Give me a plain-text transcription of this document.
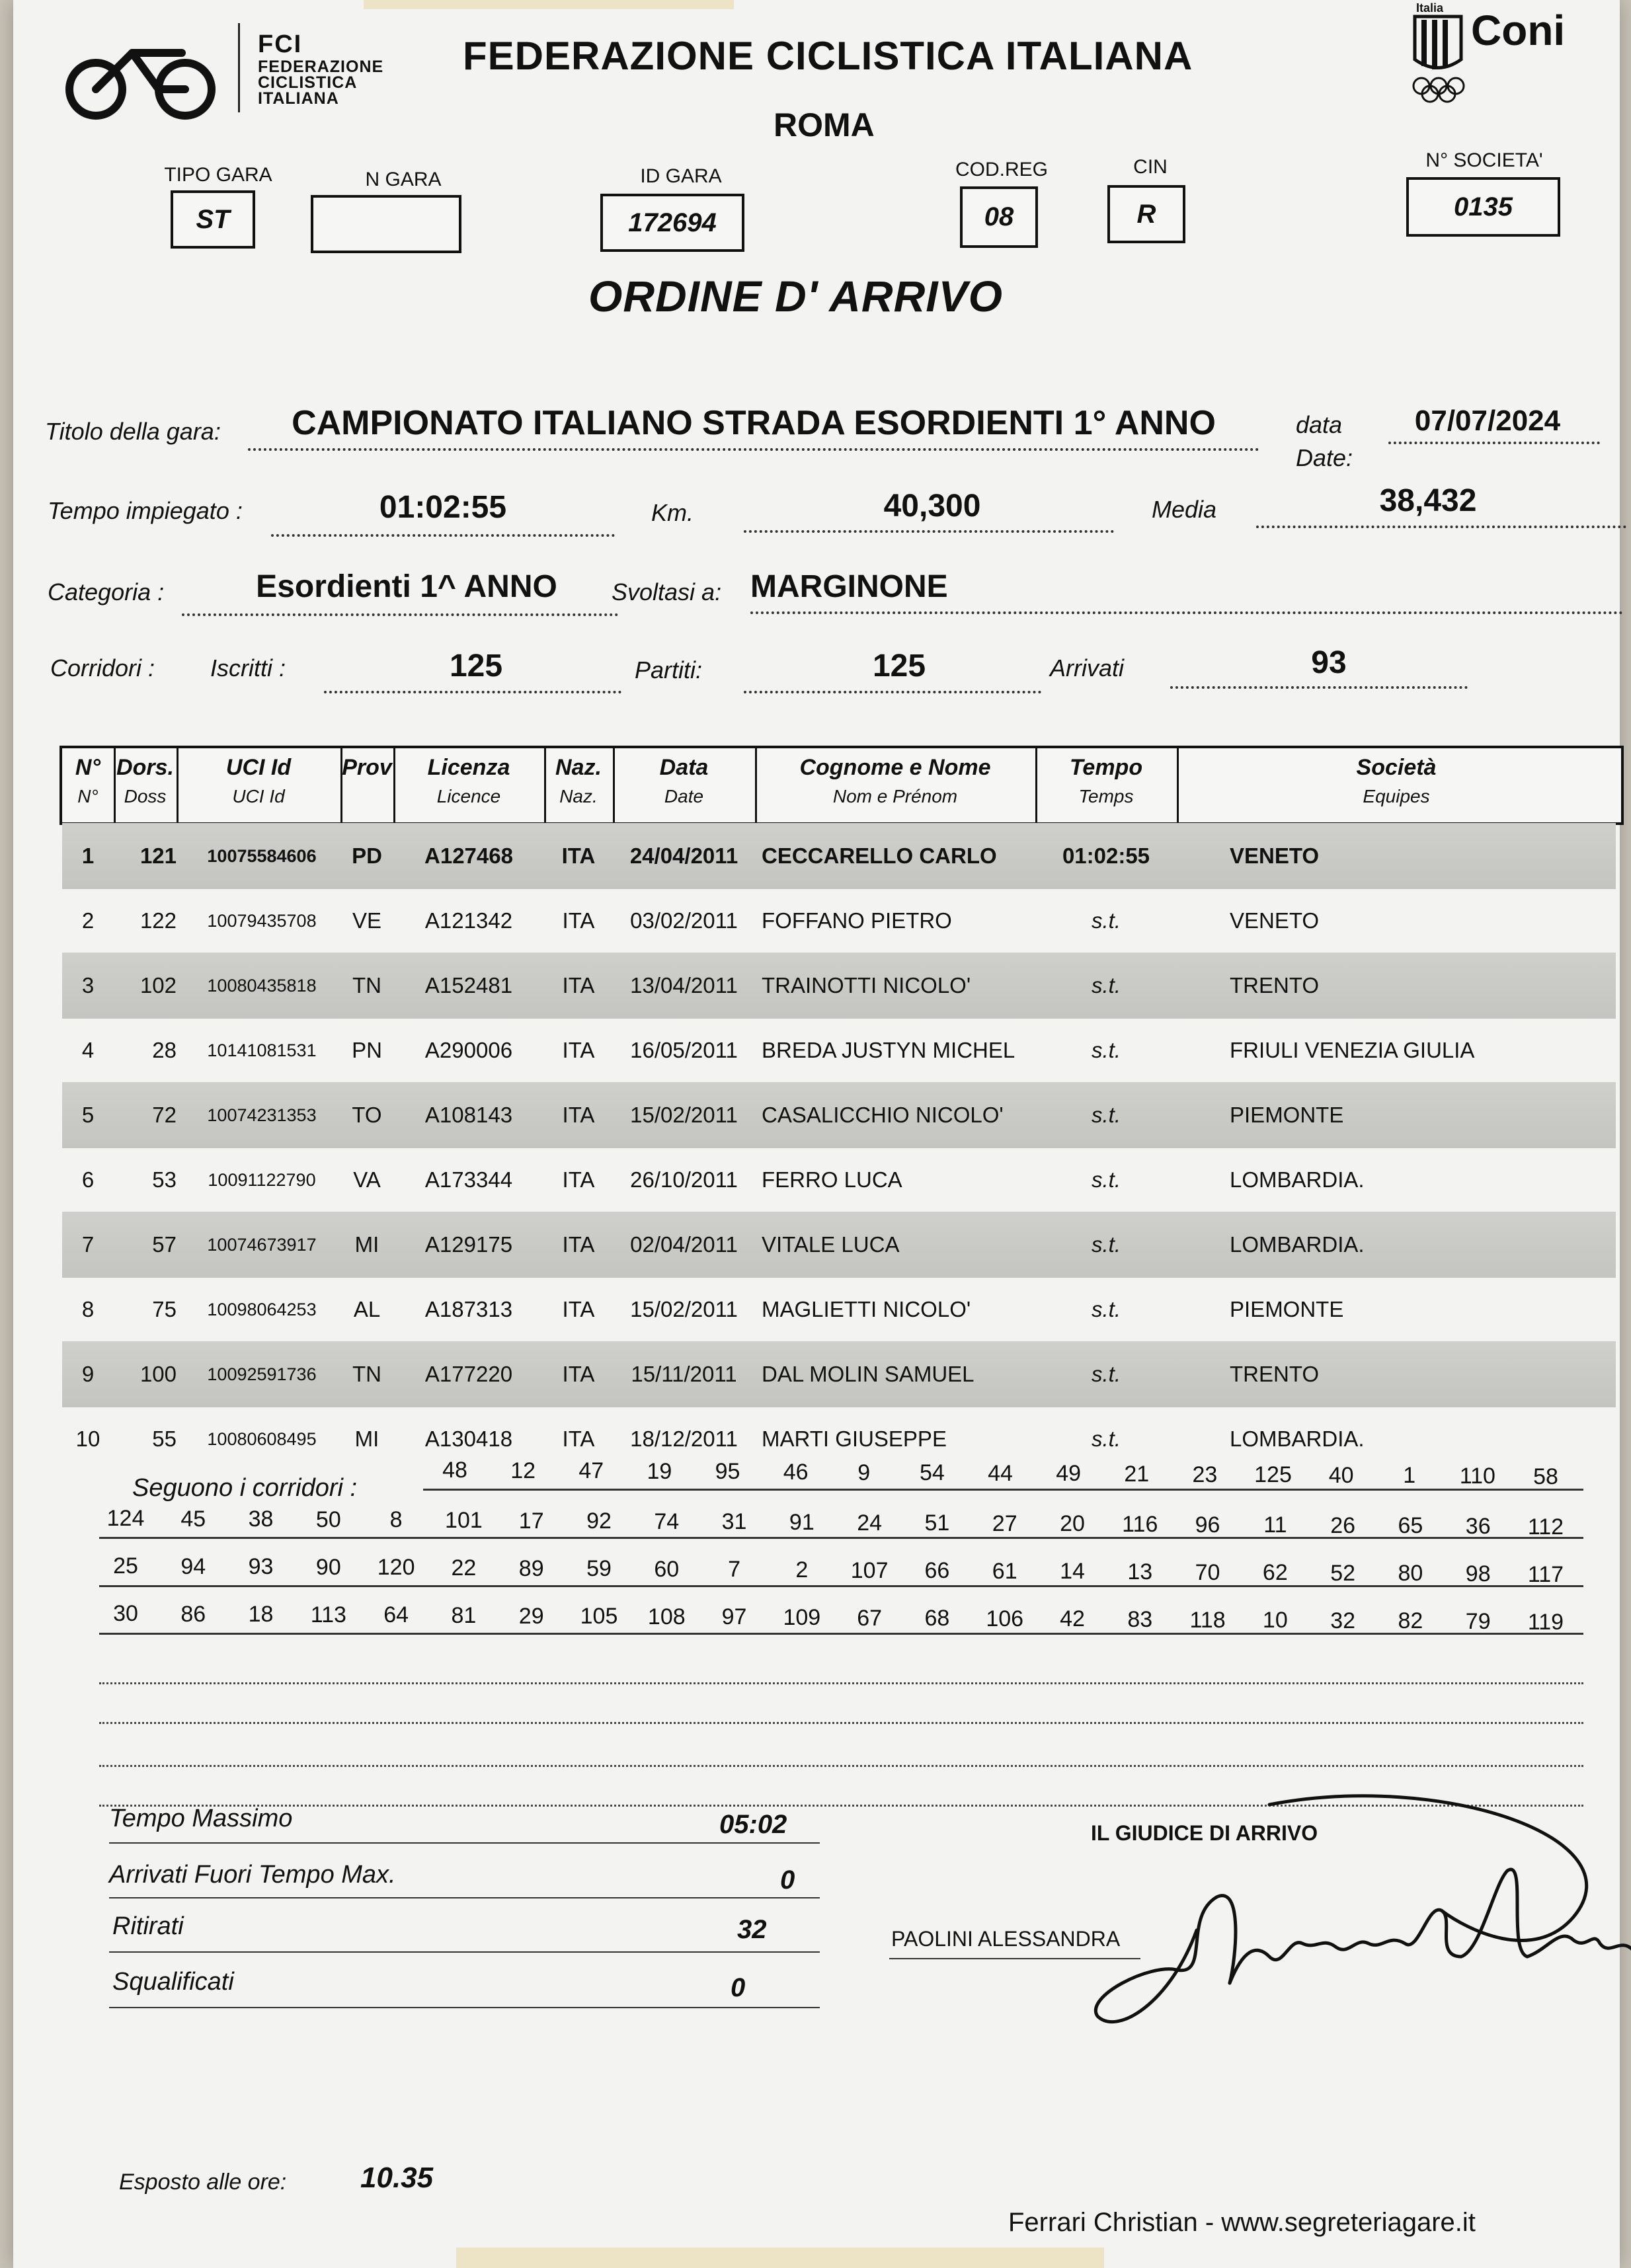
FCI
FEDERAZIONE
CICLISTICA
ITALIANA
FEDERAZIONE CICLISTICA ITALIANA
ROMA
Italia Coni
TIPO GARA
ST
N GARA	ID GARA
172694
COD.REG
08
CIN
R
N° SOCIETA'
0135
ORDINE D' ARRIVO
Titolo della gara:	CAMPIONATO ITALIANO STRADA ESORDIENTI 1° ANNO	data
Date:
07/07/2024
Tempo impiegato :	01:02:55	Km.	40,300	Media	38,432
Categoria :	Esordienti 1^ ANNO	Svoltasi a: MARGINONE
Corridori : Iscritti :	125	Partiti:	125	Arrivati	93
N°
N°
Dors.
Doss
UCI Id
UCI Id
Prov	Licenza
Licence
Naz.
Naz.
Data
Date
Cognome e Nome
Nom e Prénom
Tempo
Temps
Società
Equipes
1	121	10075584606	PD	A127468	ITA	24/04/2011	CECCARELLO CARLO	01:02:55	VENETO
2	122	10079435708	VE	A121342	ITA	03/02/2011	FOFFANO PIETRO	s.t.	VENETO
3	102	10080435818	TN	A152481	ITA	13/04/2011	TRAINOTTI NICOLO'	s.t.	TRENTO
4	28	10141081531	PN	A290006	ITA	16/05/2011	BREDA JUSTYN MICHEL	s.t.	FRIULI VENEZIA GIULIA
5	72	10074231353	TO	A108143	ITA	15/02/2011	CASALICCHIO NICOLO'	s.t.	PIEMONTE
6	53	10091122790	VA	A173344	ITA	26/10/2011	FERRO LUCA	s.t.	LOMBARDIA.
7	57	10074673917	MI	A129175	ITA	02/04/2011	VITALE LUCA	s.t.	LOMBARDIA.
8	75	10098064253	AL	A187313	ITA	15/02/2011	MAGLIETTI NICOLO'	s.t.	PIEMONTE
9	100	10092591736	TN	A177220	ITA	15/11/2011	DAL MOLIN SAMUEL	s.t.	TRENTO
10	55	10080608495	MI	A130418	ITA	18/12/2011	MARTI GIUSEPPE	s.t.	LOMBARDIA.
Seguono i corridori :
48	12	47	19	95	46	9	54	44	49	21	23	125	40	1	110	58
124	45	38	50	8	101	17	92	74	31	91	24	51	27	20	116	96	11	26	65	36	112
25	94	93	90	120	22	89	59	60	7	2	107	66	61	14	13	70	62	52	80	98	117
30	86	18	113	64	81	29	105	108	97	109	67	68	106	42	83	118	10	32	82	79	119
Tempo Massimo	05:02
Arrivati Fuori Tempo Max.	0
Ritirati	32
Squalificati	0
IL GIUDICE DI ARRIVO
PAOLINI ALESSANDRA
Esposto alle ore:	10.35
Ferrari Christian - www.segreteriagare.it
